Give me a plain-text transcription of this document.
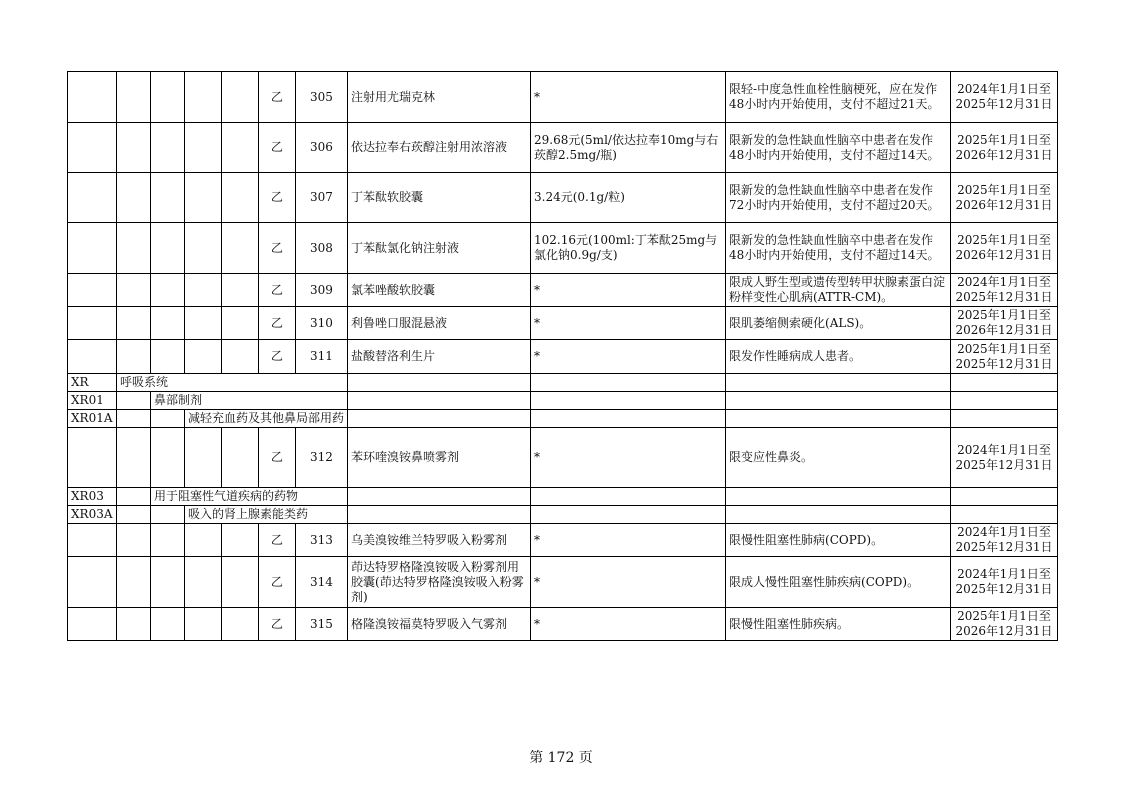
					乙	305	注射用尤瑞克林	*	限轻-中度急性血栓性脑梗死，应在发作48小时内开始使用，支付不超过21天。	2024年1月1日至2025年12月31日
					乙	306	依达拉奉右莰醇注射用浓溶液	29.68元(5ml/依达拉奉10mg与右莰醇2.5mg/瓶)	限新发的急性缺血性脑卒中患者在发作48小时内开始使用，支付不超过14天。	2025年1月1日至2026年12月31日
					乙	307	丁苯酞软胶囊	3.24元(0.1g/粒)	限新发的急性缺血性脑卒中患者在发作72小时内开始使用，支付不超过20天。	2025年1月1日至2026年12月31日
					乙	308	丁苯酞氯化钠注射液	102.16元(100ml:丁苯酞25mg与氯化钠0.9g/支)	限新发的急性缺血性脑卒中患者在发作48小时内开始使用，支付不超过14天。	2025年1月1日至2026年12月31日
					乙	309	氯苯唑酸软胶囊	*	限成人野生型或遗传型转甲状腺素蛋白淀粉样变性心肌病(ATTR-CM)。	2024年1月1日至2025年12月31日
					乙	310	利鲁唑口服混悬液	*	限肌萎缩侧索硬化(ALS)。	2025年1月1日至2026年12月31日
					乙	311	盐酸替洛利生片	*	限发作性睡病成人患者。	2025年1月1日至2025年12月31日
XR	呼吸系统									
XR01		鼻部制剂								
XR01A			减轻充血药及其他鼻局部用药							
					乙	312	苯环喹溴铵鼻喷雾剂	*	限变应性鼻炎。	2024年1月1日至2025年12月31日
XR03		用于阻塞性气道疾病的药物								
XR03A			吸入的肾上腺素能类药							
					乙	313	乌美溴铵维兰特罗吸入粉雾剂	*	限慢性阻塞性肺病(COPD)。	2024年1月1日至2025年12月31日
					乙	314	茚达特罗格隆溴铵吸入粉雾剂用胶囊(茚达特罗格隆溴铵吸入粉雾剂)	*	限成人慢性阻塞性肺疾病(COPD)。	2024年1月1日至2025年12月31日
					乙	315	格隆溴铵福莫特罗吸入气雾剂	*	限慢性阻塞性肺疾病。	2025年1月1日至2026年12月31日
第 172 页
